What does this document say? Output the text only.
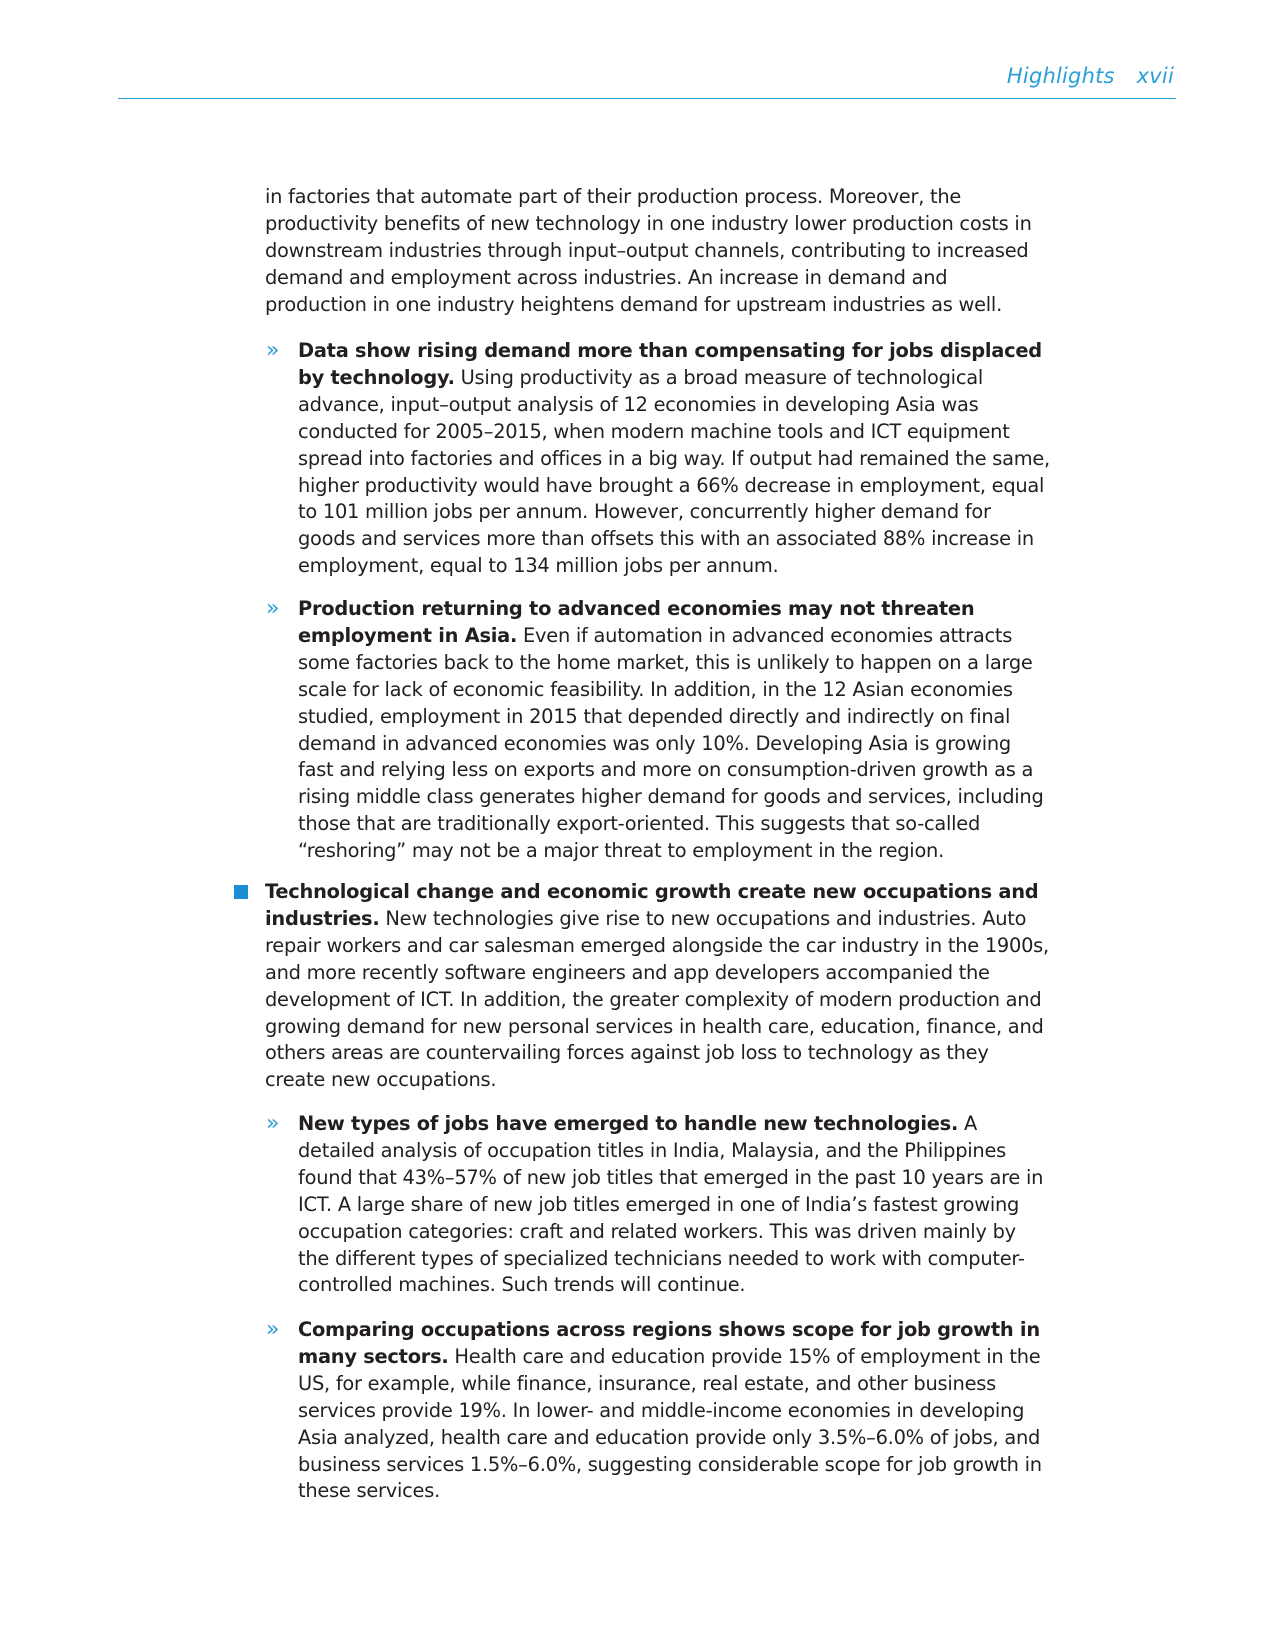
Highlights xvii

in factories that automate part of their production process. Moreover, the productivity benefits of new technology in one industry lower production costs in downstream industries through input–output channels, contributing to increased demand and employment across industries. An increase in demand and production in one industry heightens demand for upstream industries as well.

» Data show rising demand more than compensating for jobs displaced by technology. Using productivity as a broad measure of technological advance, input–output analysis of 12 economies in developing Asia was conducted for 2005–2015, when modern machine tools and ICT equipment spread into factories and offices in a big way. If output had remained the same, higher productivity would have brought a 66% decrease in employment, equal to 101 million jobs per annum. However, concurrently higher demand for goods and services more than offsets this with an associated 88% increase in employment, equal to 134 million jobs per annum.
» Production returning to advanced economies may not threaten employment in Asia. Even if automation in advanced economies attracts some factories back to the home market, this is unlikely to happen on a large scale for lack of economic feasibility. In addition, in the 12 Asian economies studied, employment in 2015 that depended directly and indirectly on final demand in advanced economies was only 10%. Developing Asia is growing fast and relying less on exports and more on consumption-driven growth as a rising middle class generates higher demand for goods and services, including those that are traditionally export-oriented. This suggests that so-called “reshoring” may not be a major threat to employment in the region.
Technological change and economic growth create new occupations and industries. New technologies give rise to new occupations and industries. Auto repair workers and car salesman emerged alongside the car industry in the 1900s, and more recently software engineers and app developers accompanied the development of ICT. In addition, the greater complexity of modern production and growing demand for new personal services in health care, education, finance, and others areas are countervailing forces against job loss to technology as they create new occupations.
» New types of jobs have emerged to handle new technologies. A detailed analysis of occupation titles in India, Malaysia, and the Philippines found that 43%–57% of new job titles that emerged in the past 10 years are in ICT. A large share of new job titles emerged in one of India’s fastest growing occupation categories: craft and related workers. This was driven mainly by the different types of specialized technicians needed to work with computer-controlled machines. Such trends will continue.
» Comparing occupations across regions shows scope for job growth in many sectors. Health care and education provide 15% of employment in the US, for example, while finance, insurance, real estate, and other business services provide 19%. In lower- and middle-income economies in developing Asia analyzed, health care and education provide only 3.5%–6.0% of jobs, and business services 1.5%–6.0%, suggesting considerable scope for job growth in these services.
